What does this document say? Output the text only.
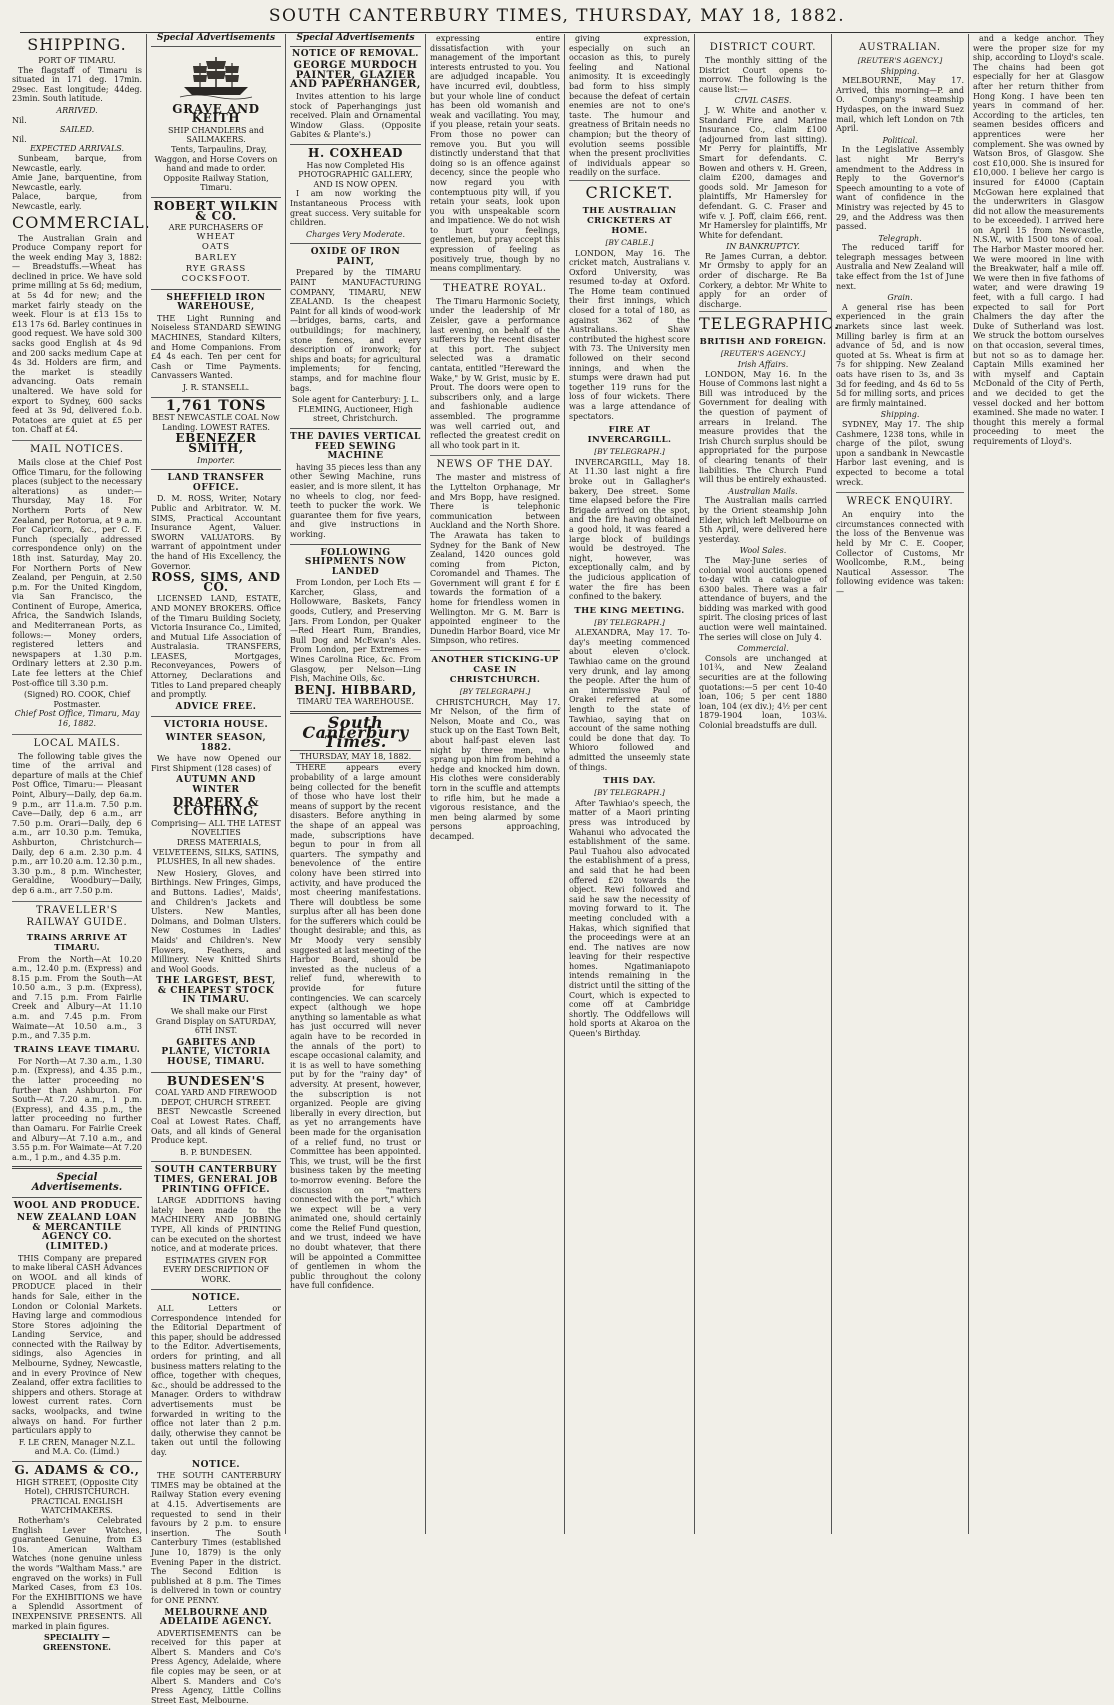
SOUTH CANTERBURY TIMES, THURSDAY, MAY 18, 1882.
SHIPPING.
PORT OF TIMARU.

The flagstaff of Timaru is situated in 171 deg. 17min. 29sec. East longitude; 44deg. 23min. South latitude.

ARRIVED.
Nil.
SAILED.
Nil.
EXPECTED ARRIVALS.

Sunbeam, barque, from Newcastle, early.
Amie Jane, barquentine, from Newcastle, early.
Palace, barque, from Newcastle, early.

COMMERCIAL.

The Australian Grain and Produce Company report for the week ending May 3, 1882:— Breadstuffs.—Wheat has declined in price. We have sold prime milling at 5s 6d; medium, at 5s 4d for new; and the market fairly steady on the week. Flour is at £13 15s to £13 17s 6d. Barley continues in good request. We have sold 300 sacks good English at 4s 9d and 200 sacks medium Cape at 4s 3d. Holders are firm, and the market is steadily advancing. Oats remain unaltered. We have sold for export to Sydney, 600 sacks feed at 3s 9d, delivered f.o.b. Potatoes are quiet at £5 per ton. Chaff at £4.

MAIL NOTICES.

Mails close at the Chief Post Office Timaru, for the following places (subject to the necessary alterations) as under:— Thursday, May 18. For Northern Ports of New Zealand, per Rotorua, at 9 a.m. For Capricorn, &c., per C. F. Funch (specially addressed correspondence only) on the 18th inst. Saturday, May 20. For Northern Ports of New Zealand, per Penguin, at 2.50 p.m. For the United Kingdom, via San Francisco, the Continent of Europe, America, Africa, the Sandwich Islands, and Mediterranean Ports, as follows:— Money orders, registered letters and newspapers at 1.30 p.m. Ordinary letters at 2.30 p.m. Late fee letters at the Chief Post-office till 3.30 p.m.

(Signed) RO. COOK, Chief Postmaster.
Chief Post Office, Timaru, May 16, 1882.
LOCAL MAILS.

The following table gives the time of the arrival and departure of mails at the Chief Post Office, Timaru:— Pleasant Point, Albury—Daily, dep 6a.m. 9 p.m., arr 11.a.m. 7.50 p.m. Cave—Daily, dep 6 a.m., arr 7.50 p.m. Orari—Daily, dep 6 a.m., arr 10.30 p.m. Temuka, Ashburton, Christchurch—Daily, dep 6 a.m. 2.30 p.m. 4 p.m., arr 10.20 a.m. 12.30 p.m., 3.30 p.m., 8 p.m. Winchester, Geraldine, Woodbury—Daily, dep 6 a.m., arr 7.50 p.m.

TRAVELLER'S RAILWAY GUIDE.
TRAINS ARRIVE AT TIMARU.

From the North—At 10.20 a.m., 12.40 p.m. (Express) and 8.15 p.m. From the South—At 10.50 a.m., 3 p.m. (Express), and 7.15 p.m. From Fairlie Creek and Albury—At 11.10 a.m. and 7.45 p.m. From Waimate—At 10.50 a.m., 3 p.m., and 7.35 p.m.

TRAINS LEAVE TIMARU.

For North—At 7.30 a.m., 1.30 p.m. (Express), and 4.35 p.m., the latter proceeding no further than Ashburton. For South—At 7.20 a.m., 1 p.m. (Express), and 4.35 p.m., the latter proceeding no further than Oamaru. For Fairlie Creek and Albury—At 7.10 a.m., and 3.55 p.m. For Waimate—At 7.20 a.m., 1 p.m., and 4.35 p.m.

Special Advertisements.
WOOL AND PRODUCE.
NEW ZEALAND LOAN & MERCANTILE AGENCY CO. (LIMITED.)

THIS Company are prepared to make liberal CASH Advances on WOOL and all kinds of PRODUCE placed in their hands for Sale, either in the London or Colonial Markets. Having large and commodious Store Stores adjoining the Landing Service, and connected with the Railway by sidings, also Agencies in Melbourne, Sydney, Newcastle, and in every Province of New Zealand, offer extra facilities to shippers and others. Storage at lowest current rates. Corn sacks, woolpacks, and twine always on hand. For further particulars apply to

F. LE CREN, Manager N.Z.L. and M.A. Co. (Limd.)
G. ADAMS & CO.,
HIGH STREET, (Opposite City Hotel), CHRISTCHURCH. PRACTICAL ENGLISH WATCHMAKERS.

Rotherham's Celebrated English Lever Watches, guaranteed Genuine, from £3 10s. American Waltham Watches (none genuine unless the words "Waltham Mass." are engraved on the works) in Full Marked Cases, from £3 10s. For the EXHIBITIONS we have a Splendid Assortment of INEXPENSIVE PRESENTS. All marked in plain figures.

SPECIALITY — GREENSTONE.
Special Advertisements
GRAVE AND KEITH
SHIP CHANDLERS and SAILMAKERS.

Tents, Tarpaulins, Dray, Waggon, and Horse Covers on hand and made to order. Opposite Railway Station, Timaru.

ROBERT WILKIN & CO.
ARE PURCHASERS OF
WHEAT
OATS
BARLEY
RYE GRASS
COCKSFOOT.
SHEFFIELD IRON WAREHOUSE,

THE Light Running and Noiseless STANDARD SEWING MACHINES, Standard Kilters, and Home Companions. From £4 4s each. Ten per cent for Cash or Time Payments. Canvassers Wanted.

J. R. STANSELL.
1,761 TONS
BEST NEWCASTLE COAL Now Landing. LOWEST RATES.
EBENEZER SMITH,
Importer.
LAND TRANSFER OFFICE.

D. M. ROSS, Writer, Notary Public and Arbitrator. W. M. SIMS, Practical Accountant Insurance Agent, Valuer. SWORN VALUATORS. By warrant of appointment under the hand of His Excellency, the Governor.

ROSS, SIMS, AND CO.

LICENSED LAND, ESTATE, AND MONEY BROKERS. Office of the Timaru Building Society, Victoria Insurance Co., Limited, and Mutual Life Association of Australasia. TRANSFERS, LEASES, Mortgages, Reconveyances, Powers of Attorney, Declarations and Titles to Land prepared cheaply and promptly.

ADVICE FREE.
VICTORIA HOUSE.
WINTER SEASON, 1882.

We have now Opened our First Shipment (128 cases) of

AUTUMN AND WINTER
DRAPERY & CLOTHING,
Comprising— ALL THE LATEST NOVELTIES

DRESS MATERIALS, VELVETEENS, SILKS, SATINS, PLUSHES, In all new shades.

New Hosiery, Gloves, and Birthings. New Fringes, Gimps, and Buttons. Ladies', Maids', and Children's Jackets and Ulsters. New Mantles, Dolmans, and Dolman Ulsters. New Costumes in Ladies' Maids' and Children's. New Flowers, Feathers, and Millinery. New Knitted Shirts and Wool Goods.

THE LARGEST, BEST, & CHEAPEST STOCK IN TIMARU.

We shall make our First Grand Display on SATURDAY, 6TH INST.

GABITES AND PLANTE, VICTORIA HOUSE, TIMARU.
BUNDESEN'S
COAL YARD AND FIREWOOD DEPOT, CHURCH STREET.

BEST Newcastle Screened Coal at Lowest Rates. Chaff, Oats, and all kinds of General Produce kept.

B. P. BUNDESEN.
SOUTH CANTERBURY TIMES, GENERAL JOB PRINTING OFFICE.

LARGE ADDITIONS having lately been made to the MACHINERY AND JOBBING TYPE, All kinds of PRINTING can be executed on the shortest notice, and at moderate prices.

ESTIMATES GIVEN FOR EVERY DESCRIPTION OF WORK.
NOTICE.

ALL Letters or Correspondence intended for the Editorial Department of this paper, should be addressed to the Editor. Advertisements, orders for printing, and all business matters relating to the office, together with cheques, &c., should be addressed to the Manager. Orders to withdraw advertisements must be forwarded in writing to the office not later than 2 p.m. daily, otherwise they cannot be taken out until the following day.

NOTICE.

THE SOUTH CANTERBURY TIMES may be obtained at the Railway Station every evening at 4.15. Advertisements are requested to send in their favours by 2 p.m. to ensure insertion. The South Canterbury Times (established June 10, 1879) is the only Evening Paper in the district. The Second Edition is published at 8 p.m. The Times is delivered in town or country for ONE PENNY.

MELBOURNE AND ADELAIDE AGENCY.

ADVERTISEMENTS can be received for this paper at Albert S. Manders and Co's Press Agency, Adelaide, where file copies may be seen, or at Albert S. Manders and Co's Press Agency, Little Collins Street East, Melbourne.

Special Advertisements
NOTICE OF REMOVAL.
GEORGE MURDOCH PAINTER, GLAZIER AND PAPERHANGER,

Invites attention to his large stock of Paperhangings just received. Plain and Ornamental Window Glass. (Opposite Gabites & Plante's.)

H. COXHEAD
Has now Completed His PHOTOGRAPHIC GALLERY, AND IS NOW OPEN.

I am now working the Instantaneous Process with great success. Very suitable for children.

Charges Very Moderate.
OXIDE OF IRON PAINT,

Prepared by the TIMARU PAINT MANUFACTURING COMPANY, TIMARU, NEW ZEALAND. Is the cheapest Paint for all kinds of wood-work—bridges, barns, carts, and outbuildings; for machinery, stone fences, and every description of ironwork; for ships and boats; for agricultural implements; for fencing, stamps, and for machine flour bags.

Sole agent for Canterbury: J. L. FLEMING, Auctioneer, High street, Christchurch.
THE DAVIES VERTICAL FEED SEWING MACHINE

having 35 pieces less than any other Sewing Machine, runs easier, and is more silent, it has no wheels to clog, nor feed-teeth to pucker the work. We guarantee them for five years, and give instructions in working.

FOLLOWING SHIPMENTS NOW LANDED

From London, per Loch Ets — Karcher, Glass, and Hollowware, Baskets, Fancy goods, Cutlery, and Preserving Jars. From London, per Quaker—Red Heart Rum, Brandies, Bull Dog and McEwan's Ales. From London, per Extremes — Wines Carolina Rice, &c. From Glasgow, per Nelson—Ling Fish, Machine Oils, &c.

BENJ. HIBBARD,
TIMARU TEA WAREHOUSE.
South Canterbury Times.
THURSDAY, MAY 18, 1882.

THERE appears every probability of a large amount being collected for the benefit of those who have lost their means of support by the recent disasters. Before anything in the shape of an appeal was made, subscriptions have begun to pour in from all quarters. The sympathy and benevolence of the entire colony have been stirred into activity, and have produced the most cheering manifestations. There will doubtless be some surplus after all has been done for the sufferers which could be thought desirable; and this, as Mr Moody very sensibly suggested at last meeting of the Harbor Board, should be invested as the nucleus of a relief fund, wherewith to provide for future contingencies. We can scarcely expect (although we hope anything so lamentable as what has just occurred will never again have to be recorded in the annals of the port) to escape occasional calamity, and it is as well to have something put by for the "rainy day" of adversity. At present, however, the subscription is not organized. People are giving liberally in every direction, but as yet no arrangements have been made for the organisation of a relief fund, no trust or Committee has been appointed. This, we trust, will be the first business taken by the meeting to-morrow evening. Before the discussion on "matters connected with the port," which we expect will be a very animated one, should certainly come the Relief Fund question, and we trust, indeed we have no doubt whatever, that there will be appointed a Committee of gentlemen in whom the public throughout the colony have full confidence.

expressing entire dissatisfaction with your management of the important interests entrusted to you. You are adjudged incapable. You have incurred evil, doubtless, but your whole line of conduct has been old womanish and weak and vacillating. You may, if you please, retain your seats. From those no power can remove you. But you will distinctly understand that that doing so is an offence against decency, since the people who now regard you with contemptuous pity will, if you retain your seats, look upon you with unspeakable scorn and impatience. We do not wish to hurt your feelings, gentlemen, but pray accept this expression of feeling as positively true, though by no means complimentary.

THEATRE ROYAL.

The Timaru Harmonic Society, under the leadership of Mr Zeisler, gave a performance last evening, on behalf of the sufferers by the recent disaster at this port. The subject selected was a dramatic cantata, entitled "Hereward the Wake," by W. Grist, music by E. Prout. The doors were open to subscribers only, and a large and fashionable audience assembled. The programme was well carried out, and reflected the greatest credit on all who took part in it.

NEWS OF THE DAY.

The master and mistress of the Lyttelton Orphanage, Mr and Mrs Bopp, have resigned. There is telephonic communication between Auckland and the North Shore. The Arawata has taken to Sydney for the Bank of New Zealand, 1420 ounces gold coming from Picton, Coromandel and Thames. The Government will grant £ for £ towards the formation of a home for friendless women in Wellington. Mr G. M. Barr is appointed engineer to the Dunedin Harbor Board, vice Mr Simpson, who retires.

ANOTHER STICKING-UP CASE IN CHRISTCHURCH.
[BY TELEGRAPH.]

CHRISTCHURCH, May 17. Mr Nelson, of the firm of Nelson, Moate and Co., was stuck up on the East Town Belt, about half-past eleven last night by three men, who sprang upon him from behind a hedge and knocked him down. His clothes were considerably torn in the scuffle and attempts to rifle him, but he made a vigorous resistance, and the men being alarmed by some persons approaching, decamped.

giving expression, especially on such an occasion as this, to purely feeling and National animosity. It is exceedingly bad form to hiss simply because the defeat of certain enemies are not to one's taste. The humour and greatness of Britain needs no champion; but the theory of evolution seems possible when the present proclivities of individuals appear so readily on the surface.

CRICKET.
THE AUSTRALIAN CRICKETERS AT HOME.
[BY CABLE.]

LONDON, May 16. The cricket match, Australians v. Oxford University, was resumed to-day at Oxford. The Home team continued their first innings, which closed for a total of 180, as against 362 of the Australians. Shaw contributed the highest score with 73. The University men followed on their second innings, and when the stumps were drawn had put together 119 runs for the loss of four wickets. There was a large attendance of spectators.

FIRE AT INVERCARGILL.
[BY TELEGRAPH.]

INVERCARGILL, May 18. At 11.30 last night a fire broke out in Gallagher's bakery, Dee street. Some time elapsed before the Fire Brigade arrived on the spot, and the fire having obtained a good hold, it was feared a large block of buildings would be destroyed. The night, however, was exceptionally calm, and by the judicious application of water the fire has been confined to the bakery.

THE KING MEETING.
[BY TELEGRAPH.]

ALEXANDRA, May 17. To-day's meeting commenced about eleven o'clock. Tawhiao came on the ground very drunk, and lay among the people. After the hum of an intermissive Paul of Orakei referred at some length to the state of Tawhiao, saying that on account of the same nothing could be done that day. To Whioro followed and admitted the unseemly state of things.

THIS DAY.
[BY TELEGRAPH.]

After Tawhiao's speech, the matter of a Maori printing press was introduced by Wahanui who advocated the establishment of the same. Paul Tuahou also advocated the establishment of a press, and said that he had been offered £20 towards the object. Rewi followed and said he saw the necessity of moving forward to it. The meeting concluded with a Hakas, which signified that the proceedings were at an end. The natives are now leaving for their respective homes. Ngatimaniapoto intends remaining in the district until the sitting of the Court, which is expected to come off at Cambridge shortly. The Oddfellows will hold sports at Akaroa on the Queen's Birthday.

DISTRICT COURT.

The monthly sitting of the District Court opens to-morrow. The following is the cause list:—

CIVIL CASES.

J. W. White and another v. Standard Fire and Marine Insurance Co., claim £100 (adjourned from last sitting). Mr Perry for plaintiffs, Mr Smart for defendants. C. Bowen and others v. H. Green, claim £200, damages and goods sold. Mr Jameson for plaintiffs, Mr Hamersley for defendant. G. C. Fraser and wife v. J. Poff, claim £66, rent. Mr Hamersley for plaintiffs, Mr White for defendant.

IN BANKRUPTCY.

Re James Curran, a debtor. Mr Ormsby to apply for an order of discharge. Re Ba Corkery, a debtor. Mr White to apply for an order of discharge.

TELEGRAPHIC.
BRITISH AND FOREIGN.
[REUTER'S AGENCY.]
Irish Affairs.

LONDON, May 16. In the House of Commons last night a Bill was introduced by the Government for dealing with the question of payment of arrears in Ireland. The measure provides that the Irish Church surplus should be appropriated for the purpose of clearing tenants of their liabilities. The Church Fund will thus be entirely exhausted.

Australian Mails.

The Australian mails carried by the Orient steamship John Elder, which left Melbourne on 5th April, were delivered here yesterday.

Wool Sales.

The May-June series of colonial wool auctions opened to-day with a catalogue of 6300 bales. There was a fair attendance of buyers, and the bidding was marked with good spirit. The closing prices of last auction were well maintained. The series will close on July 4.

Commercial.

Consols are unchanged at 101¾, and New Zealand securities are at the following quotations:—5 per cent 10-40 loan, 106; 5 per cent 1880 loan, 104 (ex div.); 4½ per cent 1879-1904 loan, 103⅛. Colonial breadstuffs are dull.

AUSTRALIAN.
[REUTER'S AGENCY.]
Shipping.

MELBOURNE, May 17. Arrived, this morning—P. and O. Company's steamship Hydaspes, on the inward Suez mail, which left London on 7th April.

Political.

In the Legislative Assembly last night Mr Berry's amendment to the Address in Reply to the Governor's Speech amounting to a vote of want of confidence in the Ministry was rejected by 45 to 29, and the Address was then passed.

Telegraph.

The reduced tariff for telegraph messages between Australia and New Zealand will take effect from the 1st of June next.

Grain.

A general rise has been experienced in the grain markets since last week. Milling barley is firm at an advance of 5d, and is now quoted at 5s. Wheat is firm at 7s for shipping. New Zealand oats have risen to 3s, and 3s 3d for feeding, and 4s 6d to 5s 5d for milling sorts, and prices are firmly maintained.

Shipping.

SYDNEY, May 17. The ship Cashmere, 1238 tons, while in charge of the pilot, swung upon a sandbank in Newcastle Harbor last evening, and is expected to become a total wreck.

WRECK ENQUIRY.

An enquiry into the circumstances connected with the loss of the Benvenue was held by Mr C. E. Cooper, Collector of Customs, Mr Woollcombe, R.M., being Nautical Assessor. The following evidence was taken:—

and a kedge anchor. They were the proper size for my ship, according to Lloyd's scale. The chains had been got especially for her at Glasgow after her return thither from Hong Kong. I have been ten years in command of her. According to the articles, ten seamen besides officers and apprentices were her complement. She was owned by Watson Bros, of Glasgow. She cost £10,000. She is insured for £10,000. I believe her cargo is insured for £4000 (Captain McGowan here explained that the underwriters in Glasgow did not allow the measurements to be exceeded). I arrived here on April 15 from Newcastle, N.S.W., with 1500 tons of coal. The Harbor Master moored her. We were moored in line with the Breakwater, half a mile off. We were then in five fathoms of water, and were drawing 19 feet, with a full cargo. I had expected to sail for Port Chalmers the day after the Duke of Sutherland was lost. We struck the bottom ourselves on that occasion, several times, but not so as to damage her. Captain Mills examined her with myself and Captain McDonald of the City of Perth, and we decided to get the vessel docked and her bottom examined. She made no water. I thought this merely a formal proceeding to meet the requirements of Lloyd's.
